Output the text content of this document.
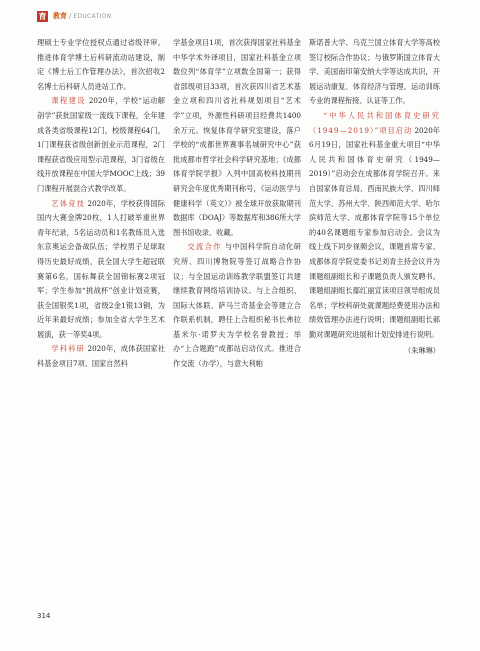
育 教育 / EDUCATION

理硕士专业学位授权点通过省级评审。推进体育学博士后科研流动站建设，制定《博士后工作管理办法》，首次招收2名博士后科研人员进站工作。

课程建设 2020年，学校“运动解剖学”获批国家级一流线下课程，全年建成各类省级课程12门，校级课程64门，1门课程获省级创新创业示范课程，2门课程获省级应用型示范课程，3门省级在线开放课程在中国大学MOOC上线；39门课程开展混合式教学改革。

艺体竞技 2020年，学校获得国际国内大赛金牌20枚，1人打破举重世界青年纪录，5名运动员和1名教练员入选东京奥运会备战队伍；学校男子足球取得历史最好成绩，获全国大学生超冠联赛第6名，国标舞获全国锦标赛2项冠军；学生参加“挑战杯”创业计划竞赛，获全国银奖1项，省级2金1银13铜，为近年来最好成绩；参加全省大学生艺术展演，获一等奖4项。

学科科研 2020年，成体获国家社科基金项目7项、国家自然科

学基金项目1项，首次获得国家社科基金中华学术外译项目，国家社科基金立项数位列“体育学”立项数全国第一；获得省部级项目33项，首次获四川省艺术基金立项和四川省社科规划项目“艺术学”立项，外源性科研项目经费共1400余万元。恢复体育学研究室建设，落户学校的“成都世界赛事名城研究中心”获批成都市哲学社会科学研究基地；《成都体育学院学报》入列中国高校科技期刊研究会年度优秀期刊称号，《运动医学与健康科学（英文）》被全球开放获取期刊数据库（DOAJ）等数据库和386所大学图书馆收录、收藏。

交流合作 与中国科学院自动化研究所、四川博物院等签订战略合作协议；与全国运动训练教学联盟签订共建继续教育网络培训协议。与上合组织、国际大体联、萨马兰奇基金会等建立合作联系机制，聘任上合组织秘书长弗拉基米尔·诺罗夫为学校名誉教授；举办“上合题跑”成都站启动仪式。推进合作交流（办学），与意大利帕

斯诺普大学、乌克兰国立体育大学等高校签订校际合作协议；与俄罗斯国立体育大学、美国南印第安纳大学等达成共识，开展运动康复、体育经济与管理、运动训练专业的课程衔接、认证等工作。

“中华人民共和国体育史研究（1949—2019）”项目启动 2020年6月19日，国家社科基金重大项目“中华人民共和国体育史研究（1949—2019）”启动会在成都体育学院召开。来自国家体育总局、西南民族大学、四川师范大学、苏州大学、陕西师范大学、哈尔滨师范大学、成都体育学院等15个单位的40名课题组专家参加启动会。会议为线上线下同步视频会议，课题首席专家、成都体育学院党委书记刘青主持会议并为课题组副组长和子课题负责人颁发聘书。课题组副组长鄢红丽宣读项目领导组成员名单；学校科研处就课题经费使用办法和绩效管理办法进行说明；课题组副组长郝勤对课题研究进展和计划安排进行说明。

（朱琳琳）
314
